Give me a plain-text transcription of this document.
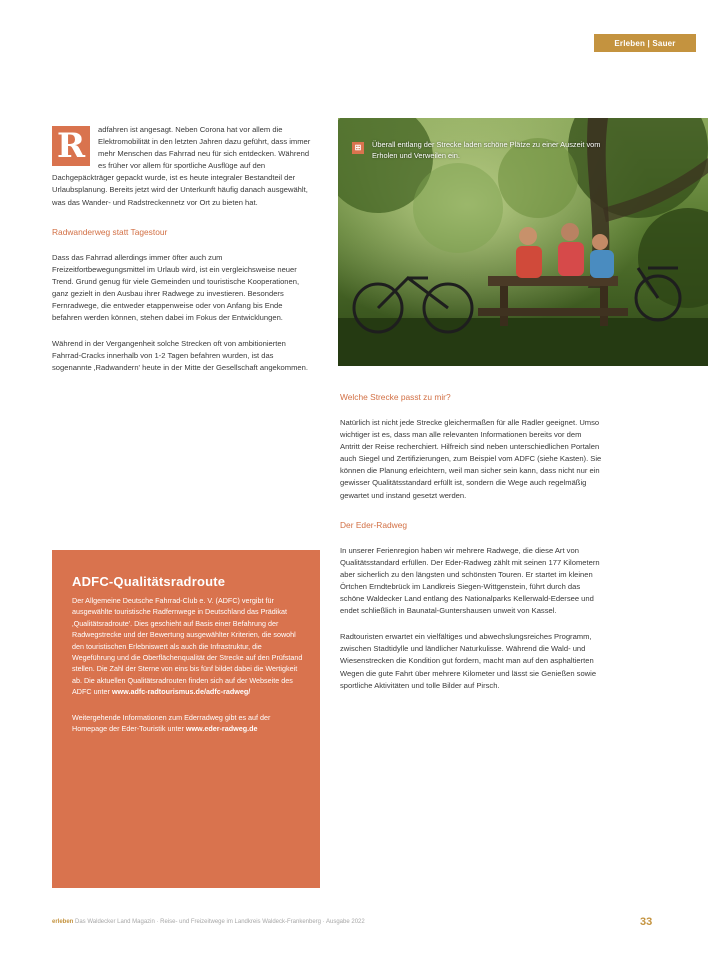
Erleben | Sauer

R	adfahren ist angesagt. Neben Corona hat vor allem die Elektromobilität in den letzten Jahren dazu geführt, dass immer mehr Menschen das Fahrrad neu für sich entdecken. Während es früher vor allem für sportliche Ausflüge auf den Dachgepäckträger gepackt wurde, ist es heute integraler Bestandteil der Urlaubsplanung. Bereits jetzt wird der Unterkunft häufig danach ausgewählt, was das Wander- und Radstreckennetz vor Ort zu bieten hat.

Radwanderweg statt Tagestour

Dass das Fahrrad allerdings immer öfter auch zum Freizeitfortbewegungsmittel im Urlaub wird, ist ein vergleichsweise neuer Trend. Grund genug für viele Gemeinden und touristische Kooperationen, ganz gezielt in den Ausbau ihrer Radwege zu investieren. Besonders Fernradwege, die entweder etappenweise oder von Anfang bis Ende befahren werden können, stehen dabei im Fokus der Entwicklungen.

Während in der Vergangenheit solche Strecken oft von ambitionierten Fahrrad-Cracks innerhalb von 1-2 Tagen befahren wurden, ist das sogenannte ‚Radwandern' heute in der Mitte der Gesellschaft angekommen.

ADFC-Qualitätsradroute

Der Allgemeine Deutsche Fahrrad-Club e. V. (ADFC) vergibt für ausgewählte touristische Radfernwege in Deutschland das Prädikat ‚Qualitätsradroute'. Dies geschieht auf Basis einer Befahrung der Radwegstrecke und der Bewertung ausgewählter Kriterien, die sowohl den touristischen Erlebniswert als auch die Infrastruktur, die Wegeführung und die Oberflächenqualität der Strecke auf den Prüfstand stellen. Die Zahl der Sterne von eins bis fünf bildet dabei die Wertigkeit ab. Die aktuellen Qualitätsradrouten finden sich auf der Webseite des ADFC unter www.adfc-radtourismus.de/adfc-radweg/

Weitergehende Informationen zum Ederradweg gibt es auf der Homepage der Eder-Touristik unter www.eder-radweg.de

⊞	Überall entlang der Strecke laden schöne Plätze zu einer Auszeit vom Erholen und Verweilen ein.
Welche Strecke passt zu mir?

Natürlich ist nicht jede Strecke gleichermaßen für alle Radler geeignet. Umso wichtiger ist es, dass man alle relevanten Informationen bereits vor dem Antritt der Reise recherchiert. Hilfreich sind neben unterschiedlichen Portalen auch Siegel und Zertifizierungen, zum Beispiel vom ADFC (siehe Kasten). Sie können die Planung erleichtern, weil man sicher sein kann, dass nicht nur ein gewisser Qualitätsstandard erfüllt ist, sondern die Wege auch regelmäßig gewartet und instand gesetzt werden.

Der Eder-Radweg

In unserer Ferienregion haben wir mehrere Radwege, die diese Art von Qualitätsstandard erfüllen. Der Eder-Radweg zählt mit seinen 177 Kilometern aber sicherlich zu den längsten und schönsten Touren. Er startet im kleinen Örtchen Erndtebrück im Landkreis Siegen-Wittgenstein, führt durch das schöne Waldecker Land entlang des Nationalparks Kellerwald-Edersee und endet schließlich in Baunatal-Guntershausen unweit von Kassel.

Radtouristen erwartet ein vielfältiges und abwechslungsreiches Programm, zwischen Stadtidylle und ländlicher Naturkulisse. Während die Wald- und Wiesenstrecken die Kondition gut fordern, macht man auf den asphaltierten Wegen die gute Fahrt über mehrere Kilometer und lässt sie Genießen sowie sportliche Aktivitäten und tolle Bilder auf Pirsch.

erleben Das Waldecker Land Magazin · Reise- und Freizeitwege im Landkreis Waldeck-Frankenberg · Ausgabe 2022	33
